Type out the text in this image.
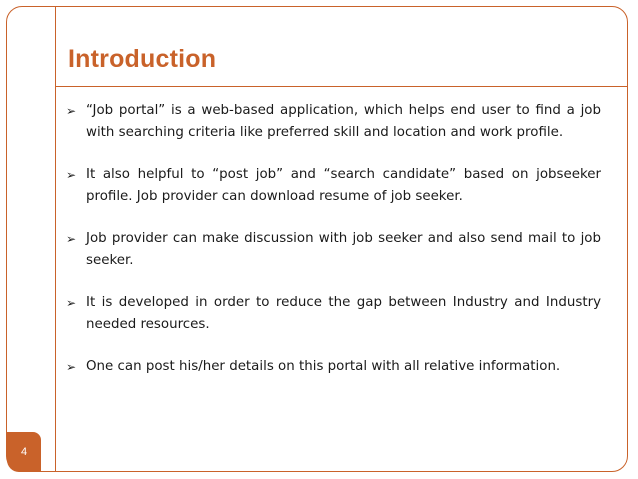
Introduction
➢ “Job portal” is a web-based application, which helps end user to find a job with searching criteria like preferred skill and location and work profile.
➢ It also helpful to “post job” and “search candidate” based on jobseeker profile. Job provider can download resume of job seeker.
➢ Job provider can make discussion with job seeker and also send mail to job seeker.
➢ It is developed in order to reduce the gap between Industry and Industry needed resources.
➢ One can post his/her details on this portal with all relative information.
4
